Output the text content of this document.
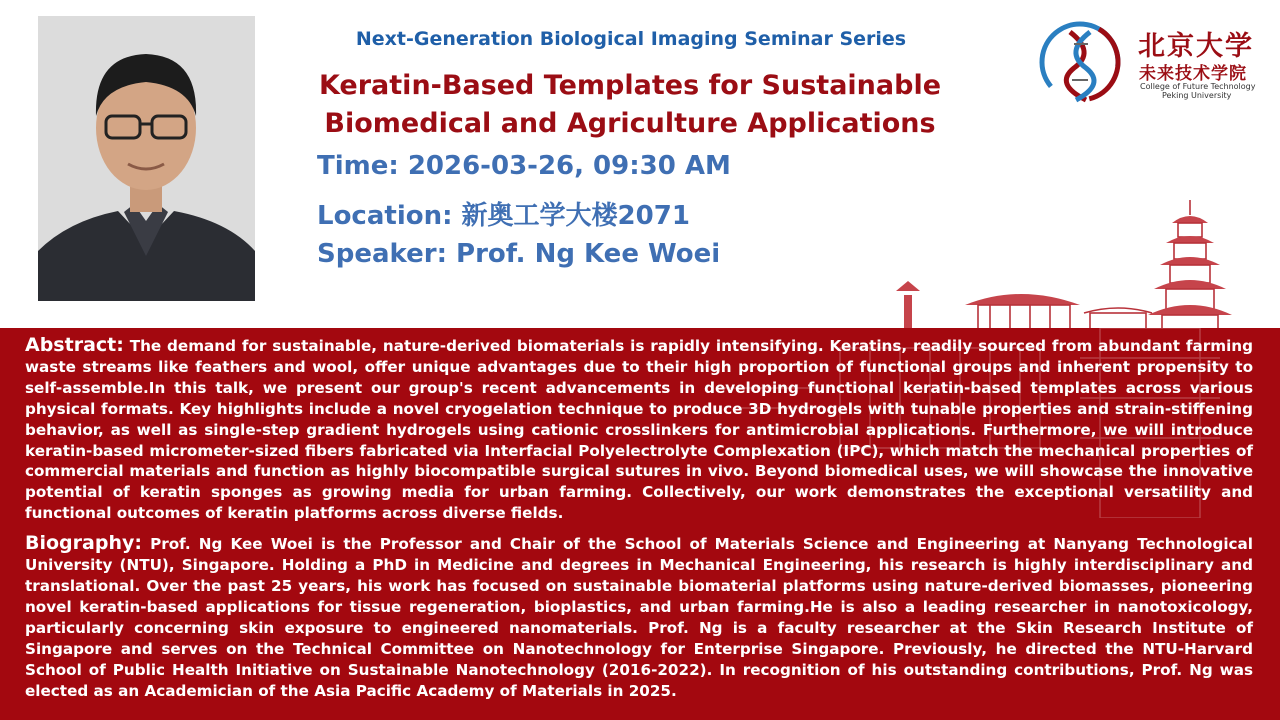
Next-Generation Biological Imaging Seminar Series
Keratin-Based Templates for Sustainable
Biomedical and Agriculture Applications
Time: 2026-03-26, 09:30 AM
Location: 新奥工学大楼2071
Speaker: Prof. Ng Kee Woei
北京大学
未来技术学院
College of Future Technology
Peking University

Abstract: The demand for sustainable, nature-derived biomaterials is rapidly intensifying. Keratins, readily sourced from abundant farming waste streams like feathers and wool, offer unique advantages due to their high proportion of functional groups and inherent propensity to self-assemble.In this talk, we present our group's recent advancements in developing functional keratin-based templates across various physical formats. Key highlights include a novel cryogelation technique to produce 3D hydrogels with tunable properties and strain-stiffening behavior, as well as single-step gradient hydrogels using cationic crosslinkers for antimicrobial applications. Furthermore, we will introduce keratin-based micrometer-sized fibers fabricated via Interfacial Polyelectrolyte Complexation (IPC), which match the mechanical properties of commercial materials and function as highly biocompatible surgical sutures in vivo. Beyond biomedical uses, we will showcase the innovative potential of keratin sponges as growing media for urban farming. Collectively, our work demonstrates the exceptional versatility and functional outcomes of keratin platforms across diverse fields.

Biography: Prof. Ng Kee Woei is the Professor and Chair of the School of Materials Science and Engineering at Nanyang Technological University (NTU), Singapore. Holding a PhD in Medicine and degrees in Mechanical Engineering, his research is highly interdisciplinary and translational. Over the past 25 years, his work has focused on sustainable biomaterial platforms using nature-derived biomasses, pioneering novel keratin-based applications for tissue regeneration, bioplastics, and urban farming.He is also a leading researcher in nanotoxicology, particularly concerning skin exposure to engineered nanomaterials. Prof. Ng is a faculty researcher at the Skin Research Institute of Singapore and serves on the Technical Committee on Nanotechnology for Enterprise Singapore. Previously, he directed the NTU-Harvard School of Public Health Initiative on Sustainable Nanotechnology (2016-2022). In recognition of his outstanding contributions, Prof. Ng was elected as an Academician of the Asia Pacific Academy of Materials in 2025.
